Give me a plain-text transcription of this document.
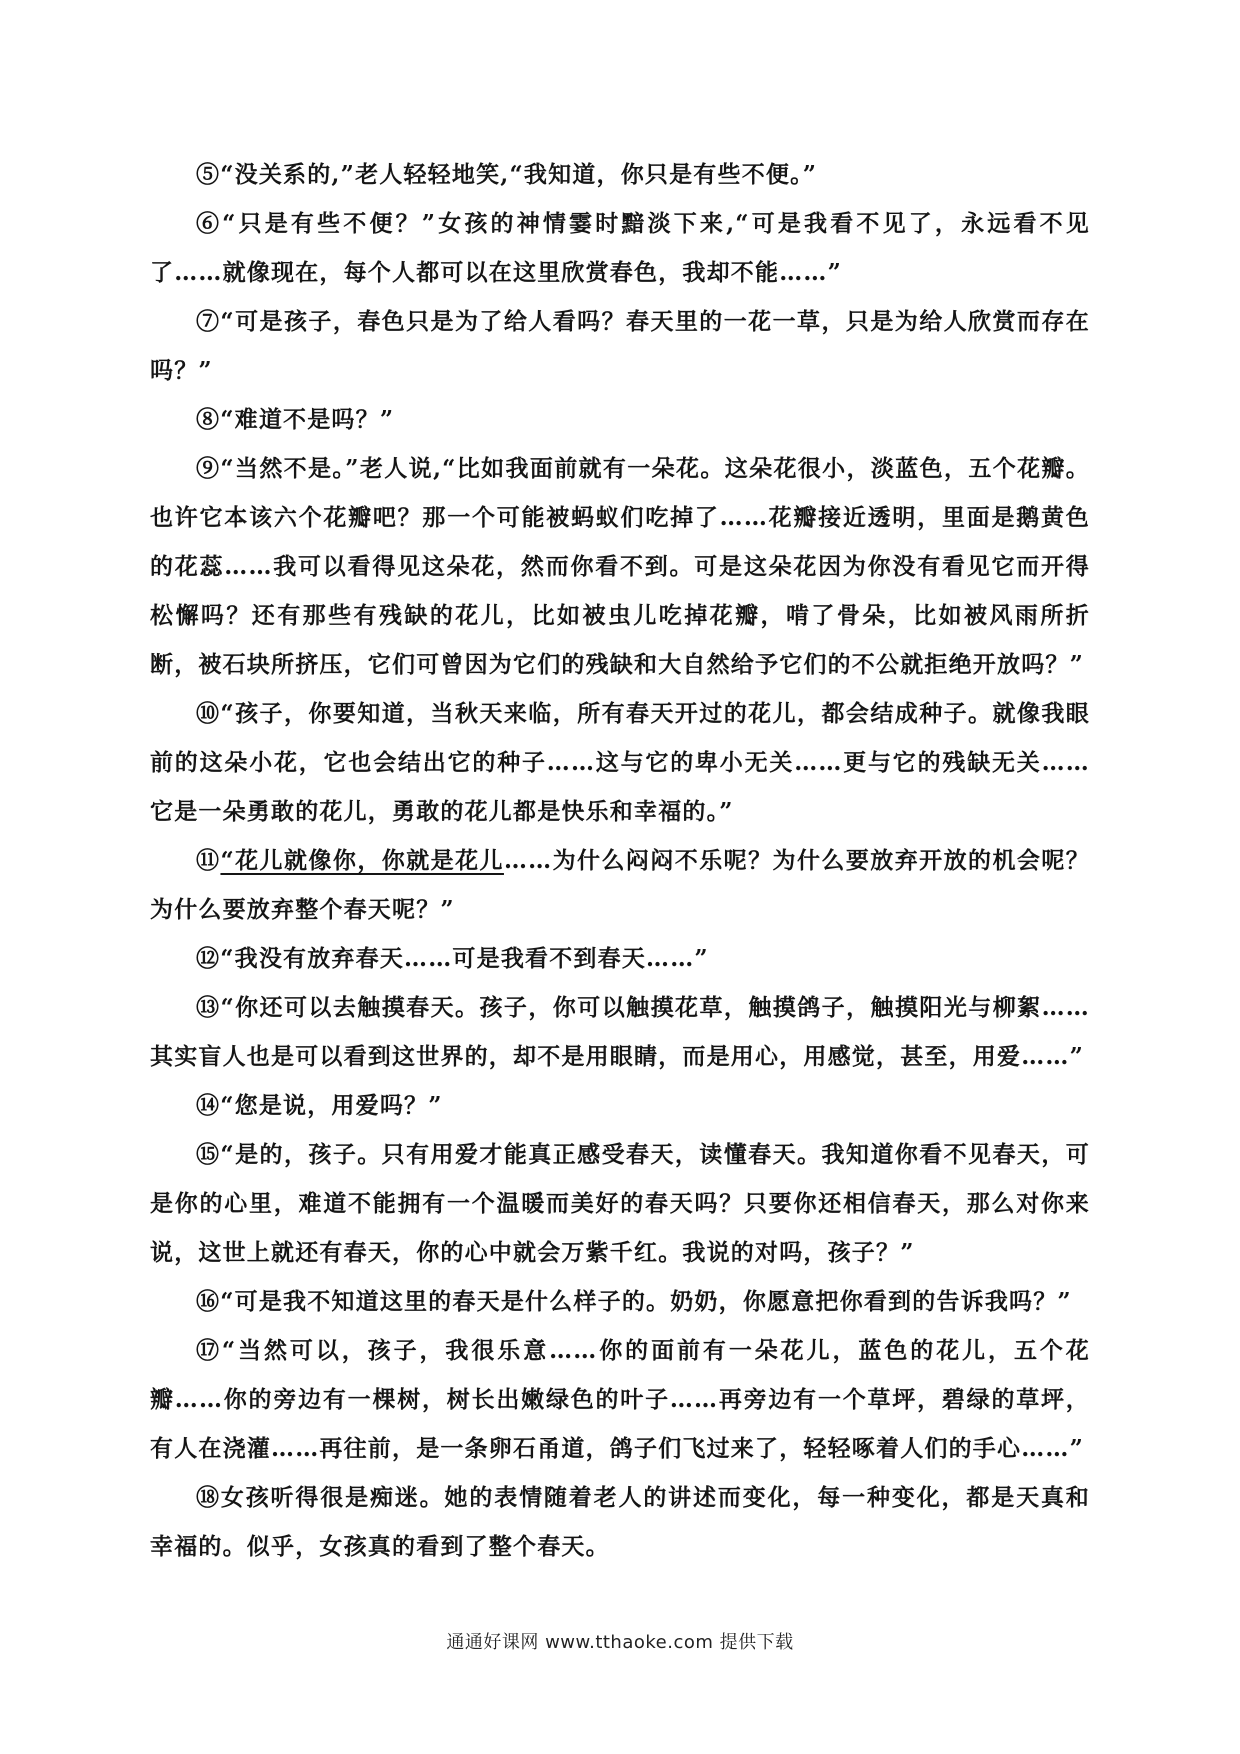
⑤“没关系的,”老人轻轻地笑,“我知道，你只是有些不便。”

⑥“只是有些不便？”女孩的神情霎时黯淡下来,“可是我看不见了，永远看不见了……就像现在，每个人都可以在这里欣赏春色，我却不能……”

⑦“可是孩子，春色只是为了给人看吗？春天里的一花一草，只是为给人欣赏而存在吗？”

⑧“难道不是吗？”

⑨“当然不是。”老人说,“比如我面前就有一朵花。这朵花很小，淡蓝色，五个花瓣。也许它本该六个花瓣吧？那一个可能被蚂蚁们吃掉了……花瓣接近透明，里面是鹅黄色的花蕊……我可以看得见这朵花，然而你看不到。可是这朵花因为你没有看见它而开得松懈吗？还有那些有残缺的花儿，比如被虫儿吃掉花瓣，啃了骨朵，比如被风雨所折断，被石块所挤压，它们可曾因为它们的残缺和大自然给予它们的不公就拒绝开放吗？”

⑩“孩子，你要知道，当秋天来临，所有春天开过的花儿，都会结成种子。就像我眼前的这朵小花，它也会结出它的种子……这与它的卑小无关……更与它的残缺无关……它是一朵勇敢的花儿，勇敢的花儿都是快乐和幸福的。”

⑪“花儿就像你，你就是花儿……为什么闷闷不乐呢？为什么要放弃开放的机会呢？为什么要放弃整个春天呢？”

⑫“我没有放弃春天……可是我看不到春天……”

⑬“你还可以去触摸春天。孩子，你可以触摸花草，触摸鸽子，触摸阳光与柳絮……其实盲人也是可以看到这世界的，却不是用眼睛，而是用心，用感觉，甚至，用爱……”

⑭“您是说，用爱吗？”

⑮“是的，孩子。只有用爱才能真正感受春天，读懂春天。我知道你看不见春天，可是你的心里，难道不能拥有一个温暖而美好的春天吗？只要你还相信春天，那么对你来说，这世上就还有春天，你的心中就会万紫千红。我说的对吗，孩子？”

⑯“可是我不知道这里的春天是什么样子的。奶奶，你愿意把你看到的告诉我吗？”

⑰“当然可以，孩子，我很乐意……你的面前有一朵花儿，蓝色的花儿，五个花瓣……你的旁边有一棵树，树长出嫩绿色的叶子……再旁边有一个草坪，碧绿的草坪，有人在浇灌……再往前，是一条卵石甬道，鸽子们飞过来了，轻轻啄着人们的手心……”

⑱女孩听得很是痴迷。她的表情随着老人的讲述而变化，每一种变化，都是天真和幸福的。似乎，女孩真的看到了整个春天。

通通好课网 www.tthaoke.com 提供下载
